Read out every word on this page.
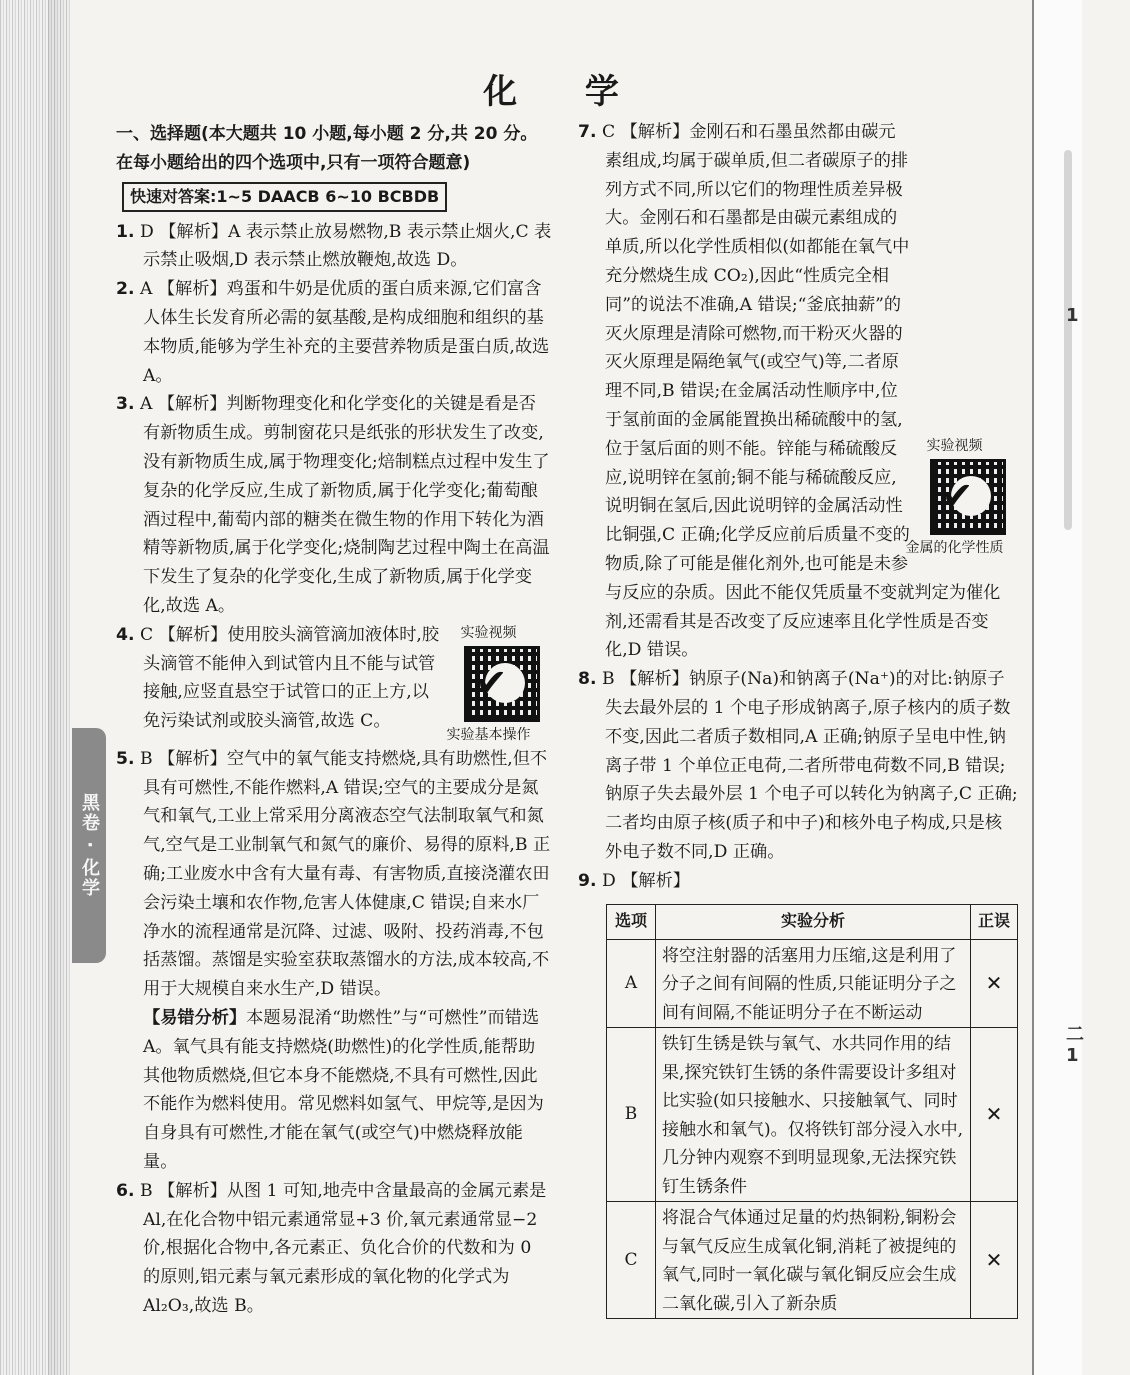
黑卷 · 化学
1
二
1
化 学

一、选择题(本大题共 10 小题,每小题 2 分,共 20 分。在每小题给出的四个选项中,只有一项符合题意)

快速对答案:1~5 DAACB 6~10 BCBDB

1. D 【解析】A 表示禁止放易燃物,B 表示禁止烟火,C 表示禁止吸烟,D 表示禁止燃放鞭炮,故选 D。

2. A 【解析】鸡蛋和牛奶是优质的蛋白质来源,它们富含人体生长发育所必需的氨基酸,是构成细胞和组织的基本物质,能够为学生补充的主要营养物质是蛋白质,故选 A。

3. A 【解析】判断物理变化和化学变化的关键是看是否有新物质生成。剪制窗花只是纸张的形状发生了改变,没有新物质生成,属于物理变化;焙制糕点过程中发生了复杂的化学反应,生成了新物质,属于化学变化;葡萄酿酒过程中,葡萄内部的糖类在微生物的作用下转化为酒精等新物质,属于化学变化;烧制陶艺过程中陶土在高温下发生了复杂的化学变化,生成了新物质,属于化学变化,故选 A。

实验视频
✔
实验基本操作
4. C 【解析】使用胶头滴管滴加液体时,胶头滴管不能伸入到试管内且不能与试管接触,应竖直悬空于试管口的正上方,以免污染试剂或胶头滴管,故选 C。

5. B 【解析】空气中的氧气能支持燃烧,具有助燃性,但不具有可燃性,不能作燃料,A 错误;空气的主要成分是氮气和氧气,工业上常采用分离液态空气法制取氧气和氮气,空气是工业制氧气和氮气的廉价、易得的原料,B 正确;工业废水中含有大量有毒、有害物质,直接浇灌农田会污染土壤和农作物,危害人体健康,C 错误;自来水厂净水的流程通常是沉降、过滤、吸附、投药消毒,不包括蒸馏。蒸馏是实验室获取蒸馏水的方法,成本较高,不用于大规模自来水生产,D 错误。

【易错分析】本题易混淆“助燃性”与“可燃性”而错选 A。氧气具有能支持燃烧(助燃性)的化学性质,能帮助其他物质燃烧,但它本身不能燃烧,不具有可燃性,因此不能作为燃料使用。常见燃料如氢气、甲烷等,是因为自身具有可燃性,才能在氧气(或空气)中燃烧释放能量。

6. B 【解析】从图 1 可知,地壳中含量最高的金属元素是 Al,在化合物中铝元素通常显+3 价,氧元素通常显−2 价,根据化合物中,各元素正、负化合价的代数和为 0 的原则,铝元素与氧元素形成的氧化物的化学式为 Al₂O₃,故选 B。

实验视频
✔
金属的化学性质
7. C 【解析】金刚石和石墨虽然都由碳元素组成,均属于碳单质,但二者碳原子的排列方式不同,所以它们的物理性质差异极大。金刚石和石墨都是由碳元素组成的单质,所以化学性质相似(如都能在氧气中充分燃烧生成 CO₂),因此“性质完全相同”的说法不准确,A 错误;“釜底抽薪”的灭火原理是清除可燃物,而干粉灭火器的灭火原理是隔绝氧气(或空气)等,二者原理不同,B 错误;在金属活动性顺序中,位于氢前面的金属能置换出稀硫酸中的氢,位于氢后面的则不能。锌能与稀硫酸反应,说明锌在氢前;铜不能与稀硫酸反应,说明铜在氢后,因此说明锌的金属活动性比铜强,C 正确;化学反应前后质量不变的物质,除了可能是催化剂外,也可能是未参与反应的杂质。因此不能仅凭质量不变就判定为催化剂,还需看其是否改变了反应速率且化学性质是否变化,D 错误。

8. B 【解析】钠原子(Na)和钠离子(Na⁺)的对比:钠原子失去最外层的 1 个电子形成钠离子,原子核内的质子数不变,因此二者质子数相同,A 正确;钠原子呈电中性,钠离子带 1 个单位正电荷,二者所带电荷数不同,B 错误;钠原子失去最外层 1 个电子可以转化为钠离子,C 正确;二者均由原子核(质子和中子)和核外电子构成,只是核外电子数不同,D 正确。

9. D 【解析】

选项	实验分析	正误
A	将空注射器的活塞用力压缩,这是利用了分子之间有间隔的性质,只能证明分子之间有间隔,不能证明分子在不断运动	✕
B	铁钉生锈是铁与氧气、水共同作用的结果,探究铁钉生锈的条件需要设计多组对比实验(如只接触水、只接触氧气、同时接触水和氧气)。仅将铁钉部分浸入水中,几分钟内观察不到明显现象,无法探究铁钉生锈条件	✕
C	将混合气体通过足量的灼热铜粉,铜粉会与氧气反应生成氧化铜,消耗了被提纯的氧气,同时一氧化碳与氧化铜反应会生成二氧化碳,引入了新杂质	✕
